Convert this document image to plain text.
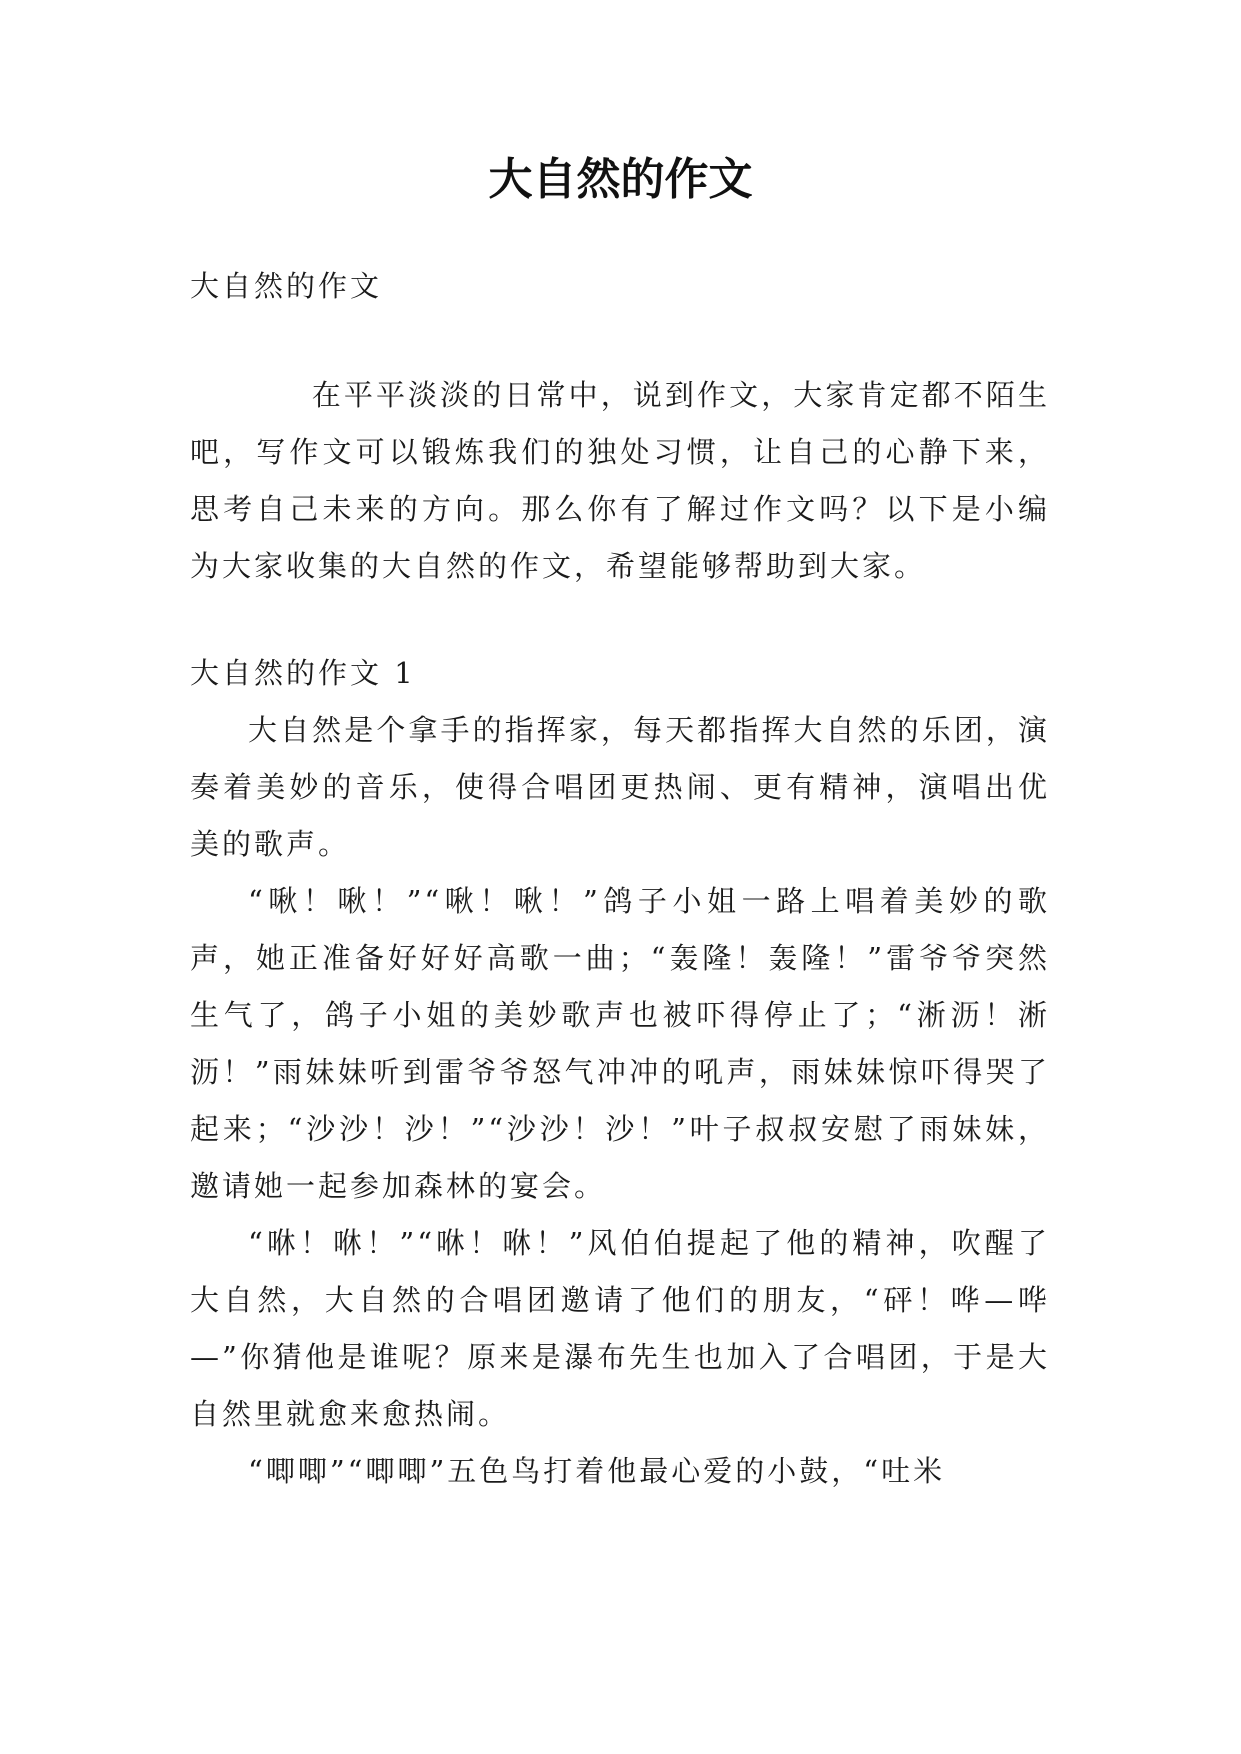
大自然的作文

大自然的作文

在平平淡淡的日常中，说到作文，大家肯定都不陌生吧，写作文可以锻炼我们的独处习惯，让自己的心静下来，思考自己未来的方向。那么你有了解过作文吗？以下是小编为大家收集的大自然的作文，希望能够帮助到大家。

大自然的作文 1

大自然是个拿手的指挥家，每天都指挥大自然的乐团，演奏着美妙的音乐，使得合唱团更热闹、更有精神，演唱出优美的歌声。

“啾！啾！”“啾！啾！”鸽子小姐一路上唱着美妙的歌声，她正准备好好好高歌一曲；“轰隆！轰隆！”雷爷爷突然生气了，鸽子小姐的美妙歌声也被吓得停止了；“淅沥！淅沥！”雨妹妹听到雷爷爷怒气冲冲的吼声，雨妹妹惊吓得哭了起来；“沙沙！沙！”“沙沙！沙！”叶子叔叔安慰了雨妹妹，邀请她一起参加森林的宴会。

“咻！咻！”“咻！咻！”风伯伯提起了他的精神，吹醒了大自然，大自然的合唱团邀请了他们的朋友，“砰！哗—哗—”你猜他是谁呢？原来是瀑布先生也加入了合唱团，于是大自然里就愈来愈热闹。

“唧唧”“唧唧”五色鸟打着他最心爱的小鼓，“吐米
